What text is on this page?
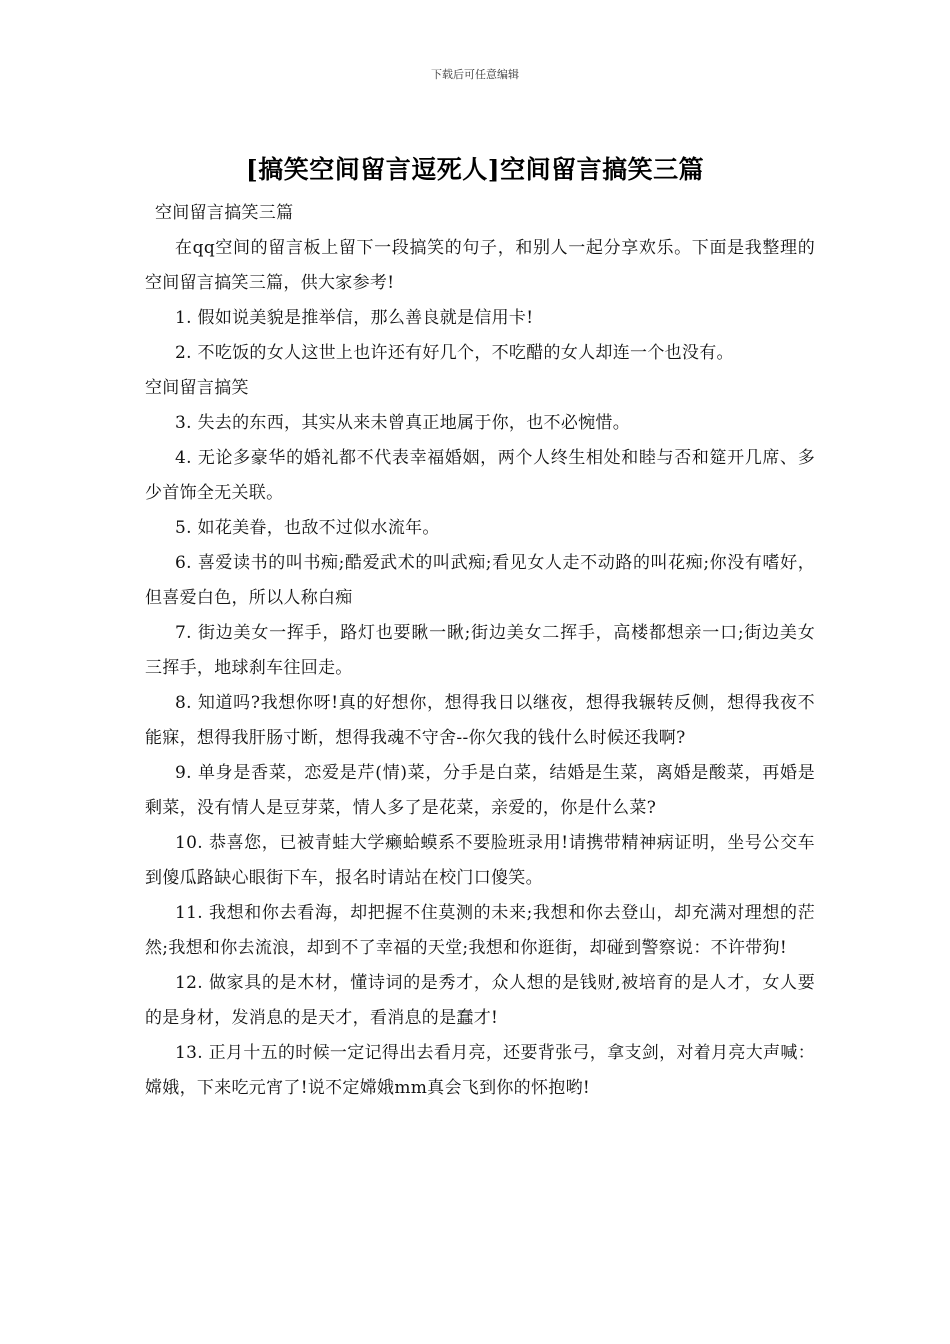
下载后可任意编辑
[搞笑空间留言逗死人]空间留言搞笑三篇

空间留言搞笑三篇

在qq空间的留言板上留下一段搞笑的句子，和别人一起分享欢乐。下面是我整理的空间留言搞笑三篇，供大家参考!

1. 假如说美貌是推举信，那么善良就是信用卡!

2. 不吃饭的女人这世上也许还有好几个，不吃醋的女人却连一个也没有。

空间留言搞笑

3. 失去的东西，其实从来未曾真正地属于你，也不必惋惜。

4. 无论多豪华的婚礼都不代表幸福婚姻，两个人终生相处和睦与否和筵开几席、多少首饰全无关联。

5. 如花美眷，也敌不过似水流年。

6. 喜爱读书的叫书痴;酷爱武术的叫武痴;看见女人走不动路的叫花痴;你没有嗜好，但喜爱白色，所以人称白痴

7. 街边美女一挥手，路灯也要瞅一瞅;街边美女二挥手，高楼都想亲一口;街边美女三挥手，地球刹车往回走。

8. 知道吗?我想你呀!真的好想你，想得我日以继夜，想得我辗转反侧，想得我夜不能寐，想得我肝肠寸断，想得我魂不守舍--你欠我的钱什么时候还我啊?

9. 单身是香菜，恋爱是芹(情)菜，分手是白菜，结婚是生菜，离婚是酸菜，再婚是剩菜，没有情人是豆芽菜，情人多了是花菜，亲爱的，你是什么菜?

10. 恭喜您，已被青蛙大学癞蛤蟆系不要脸班录用!请携带精神病证明，坐号公交车到傻瓜路缺心眼街下车，报名时请站在校门口傻笑。

11. 我想和你去看海，却把握不住莫测的未来;我想和你去登山，却充满对理想的茫然;我想和你去流浪，却到不了幸福的天堂;我想和你逛街，却碰到警察说：不许带狗!

12. 做家具的是木材，懂诗词的是秀才，众人想的是钱财,被培育的是人才，女人要的是身材，发消息的是天才，看消息的是蠢才!

13. 正月十五的时候一定记得出去看月亮，还要背张弓，拿支剑，对着月亮大声喊：嫦娥，下来吃元宵了!说不定嫦娥mm真会飞到你的怀抱哟!
